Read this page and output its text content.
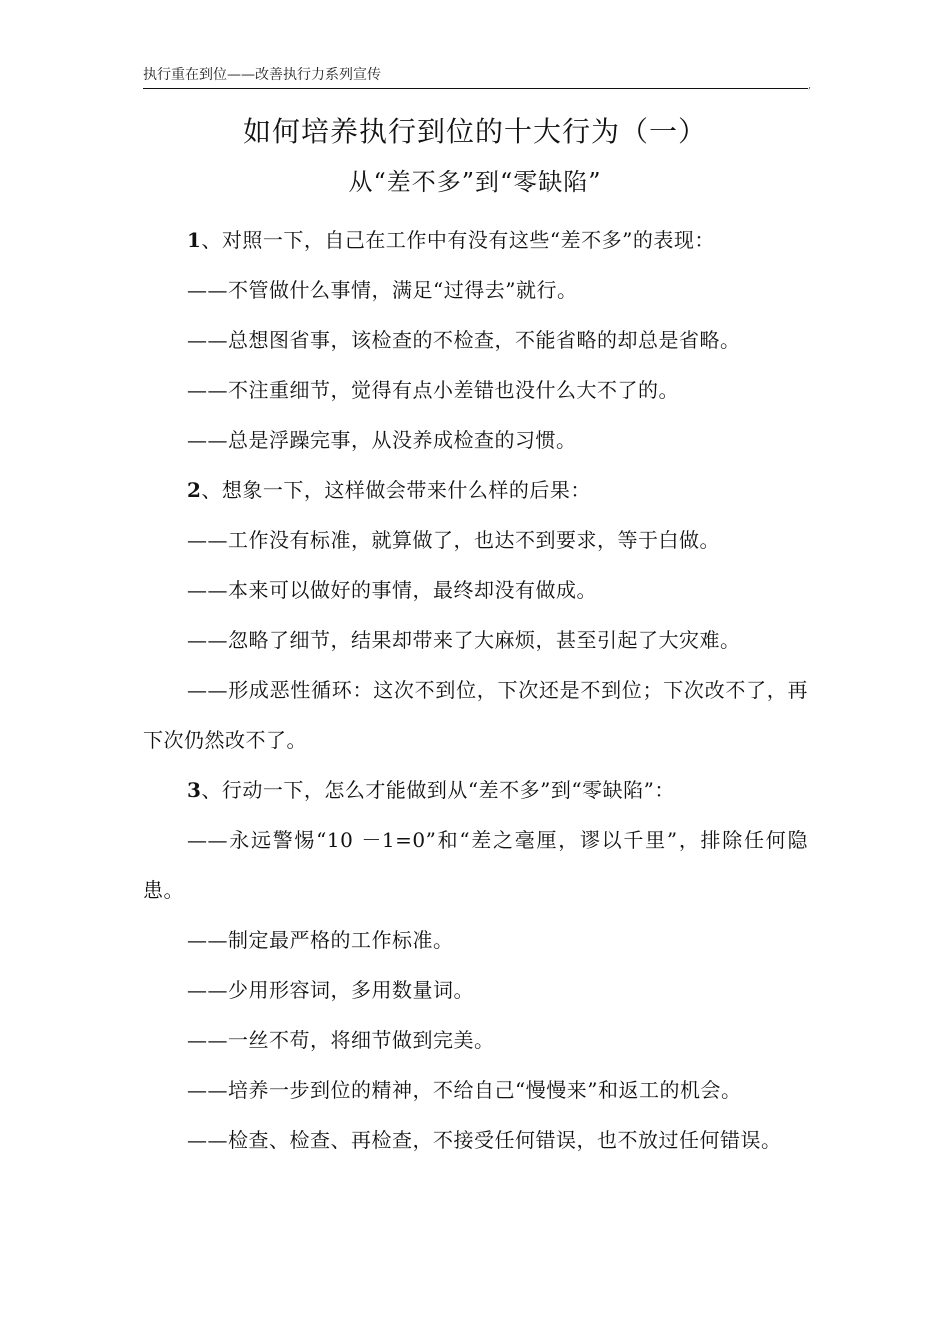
执行重在到位——改善执行力系列宣传
,
如何培养执行到位的十大行为（一）
从“差不多”到“零缺陷”

1、对照一下，自己在工作中有没有这些“差不多”的表现：

——不管做什么事情，满足“过得去”就行。

——总想图省事，该检查的不检查，不能省略的却总是省略。

——不注重细节，觉得有点小差错也没什么大不了的。

——总是浮躁完事，从没养成检查的习惯。

2、想象一下，这样做会带来什么样的后果：

——工作没有标准，就算做了，也达不到要求，等于白做。

——本来可以做好的事情，最终却没有做成。

——忽略了细节，结果却带来了大麻烦，甚至引起了大灾难。

——形成恶性循环：这次不到位，下次还是不到位；下次改不了，再下次仍然改不了。

3、行动一下，怎么才能做到从“差不多”到“零缺陷”：

——永远警惕“10 －1=0”和“差之毫厘，谬以千里”，排除任何隐患。

——制定最严格的工作标准。

——少用形容词，多用数量词。

——一丝不苟，将细节做到完美。

——培养一步到位的精神，不给自己“慢慢来”和返工的机会。

——检查、检查、再检查，不接受任何错误，也不放过任何错误。
